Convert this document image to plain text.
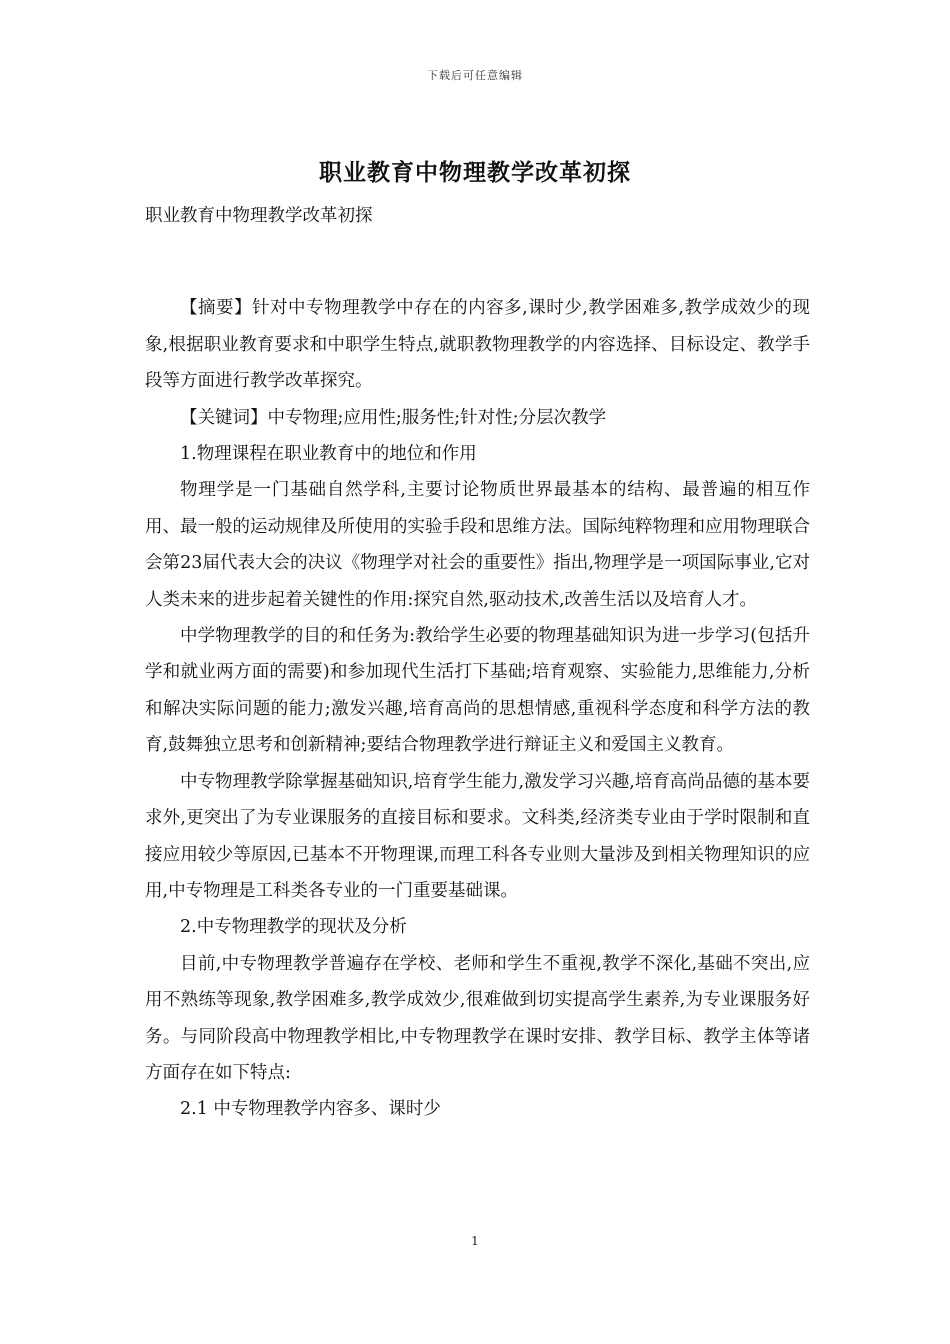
下载后可任意编辑
职业教育中物理教学改革初探

职业教育中物理教学改革初探

【摘要】针对中专物理教学中存在的内容多,课时少,教学困难多,教学成效少的现象,根据职业教育要求和中职学生特点,就职教物理教学的内容选择、目标设定、教学手段等方面进行教学改革探究。

【关键词】中专物理;应用性;服务性;针对性;分层次教学

1.物理课程在职业教育中的地位和作用

物理学是一门基础自然学科,主要讨论物质世界最基本的结构、最普遍的相互作用、最一般的运动规律及所使用的实验手段和思维方法。国际纯粹物理和应用物理联合会第23届代表大会的决议《物理学对社会的重要性》指出,物理学是一项国际事业,它对人类未来的进步起着关键性的作用:探究自然,驱动技术,改善生活以及培育人才。

中学物理教学的目的和任务为:教给学生必要的物理基础知识为进一步学习(包括升学和就业两方面的需要)和参加现代生活打下基础;培育观察、实验能力,思维能力,分析和解决实际问题的能力;激发兴趣,培育高尚的思想情感,重视科学态度和科学方法的教育,鼓舞独立思考和创新精神;要结合物理教学进行辩证主义和爱国主义教育。

中专物理教学除掌握基础知识,培育学生能力,激发学习兴趣,培育高尚品德的基本要求外,更突出了为专业课服务的直接目标和要求。文科类,经济类专业由于学时限制和直接应用较少等原因,已基本不开物理课,而理工科各专业则大量涉及到相关物理知识的应用,中专物理是工科类各专业的一门重要基础课。

2.中专物理教学的现状及分析

目前,中专物理教学普遍存在学校、老师和学生不重视,教学不深化,基础不突出,应用不熟练等现象,教学困难多,教学成效少,很难做到切实提高学生素养,为专业课服务好务。与同阶段高中物理教学相比,中专物理教学在课时安排、教学目标、教学主体等诸方面存在如下特点:

2.1 中专物理教学内容多、课时少

1
